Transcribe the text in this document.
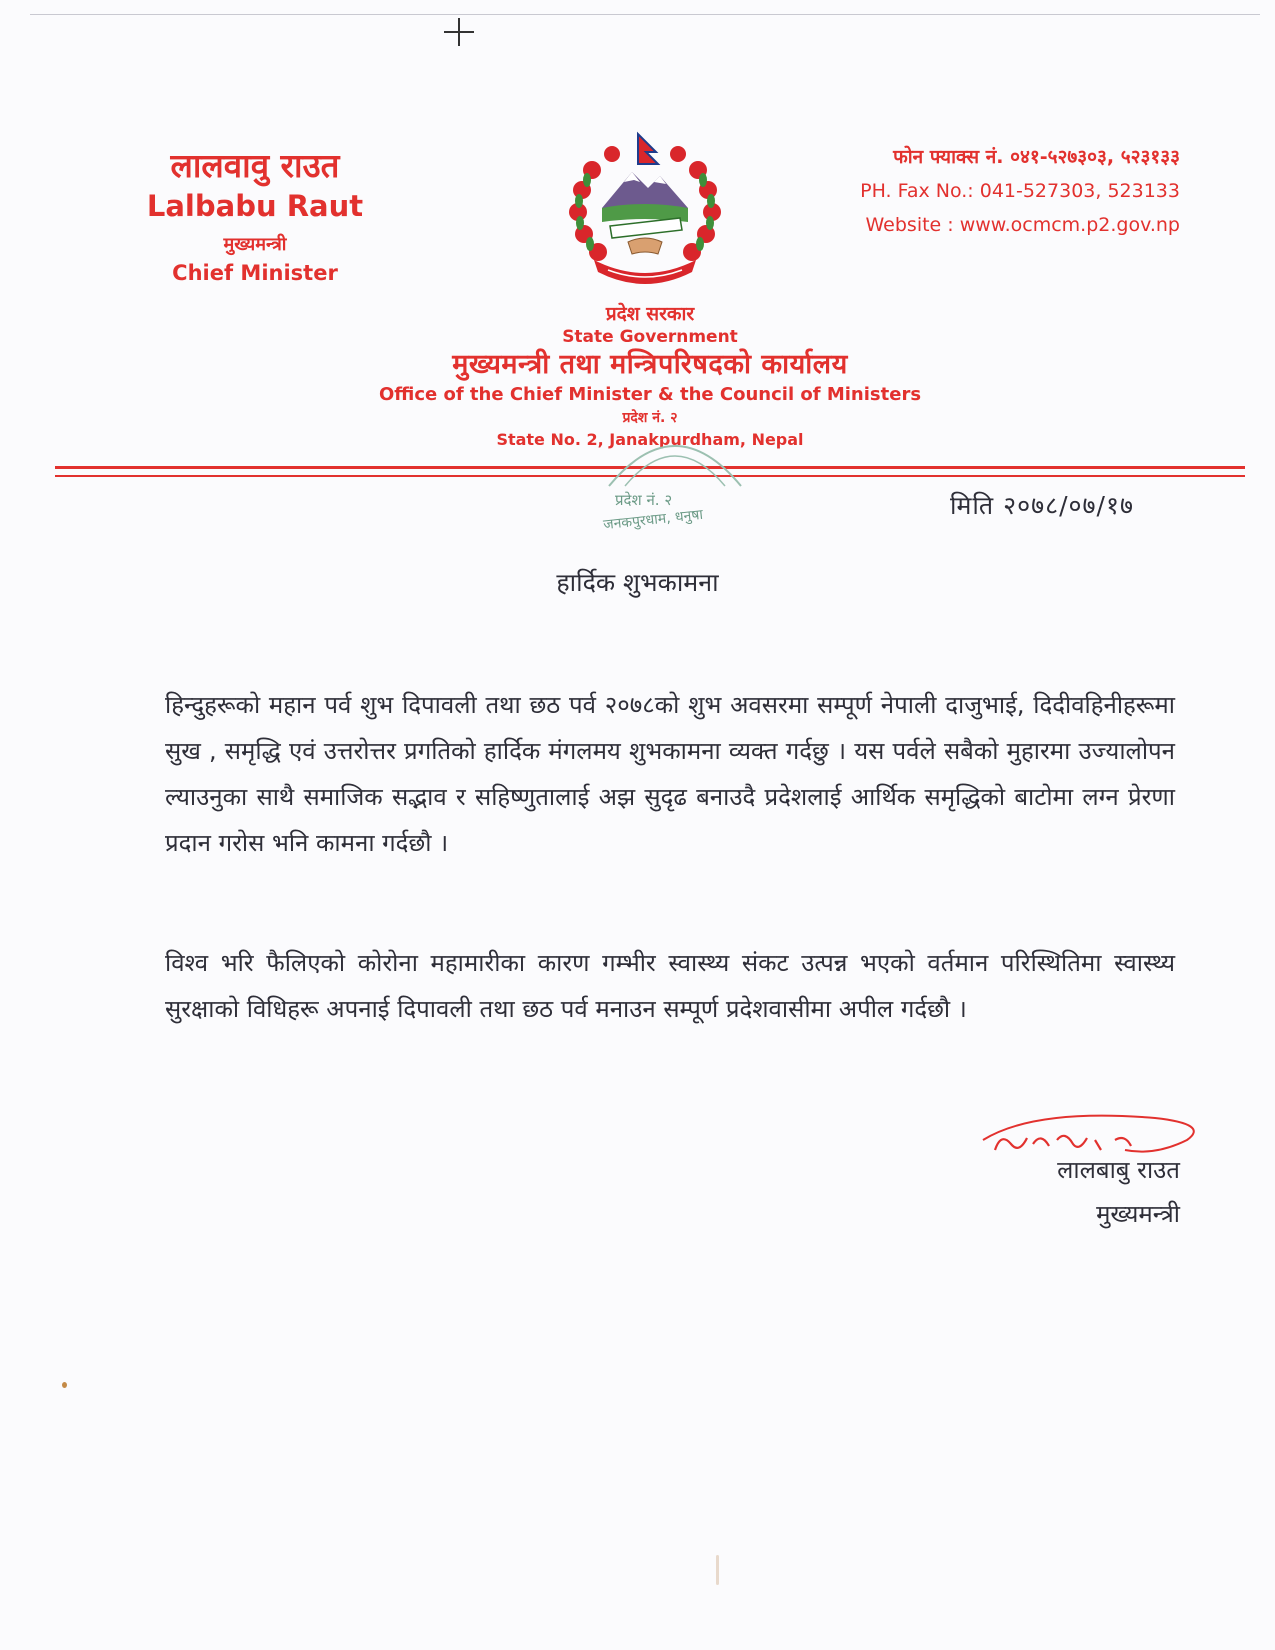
लालवावु राउत
Lalbabu Raut
मुख्यमन्त्री
Chief Minister
फोन फ्याक्स नं. ०४१-५२७३०३, ५२३१३३
PH. Fax No.: 041-527303, 523133
Website : www.ocmcm.p2.gov.np
प्रदेश सरकार
State Government
मुख्यमन्त्री तथा मन्त्रिपरिषदको कार्यालय
Office of the Chief Minister & the Council of Ministers
प्रदेश नं. २
State No. 2, Janakpurdham, Nepal
प्रदेश नं. २
जनकपुरधाम, धनुषा	मिति २०७८/०७/१७
हार्दिक शुभकामना
हिन्दुहरूको महान पर्व शुभ दिपावली तथा छठ पर्व २०७८को शुभ अवसरमा सम्पूर्ण नेपाली दाजुभाई, दिदीवहिनीहरूमा सुख , समृद्धि एवं उत्तरोत्तर प्रगतिको हार्दिक मंगलमय शुभकामना व्यक्त गर्दछु । यस पर्वले सबैको मुहारमा उज्यालोपन ल्याउनुका साथै समाजिक सद्भाव र सहिष्णुतालाई अझ सुदृढ बनाउदै प्रदेशलाई आर्थिक समृद्धिको बाटोमा लग्न प्रेरणा प्रदान गरोस भनि कामना गर्दछौ ।
विश्व भरि फैलिएको कोरोना महामारीका कारण गम्भीर स्वास्थ्य संकट उत्पन्न भएको वर्तमान परिस्थितिमा स्वास्थ्य सुरक्षाको विधिहरू अपनाई दिपावली तथा छठ पर्व मनाउन सम्पूर्ण प्रदेशवासीमा अपील गर्दछौ ।
लालबाबु राउत
मुख्यमन्त्री
